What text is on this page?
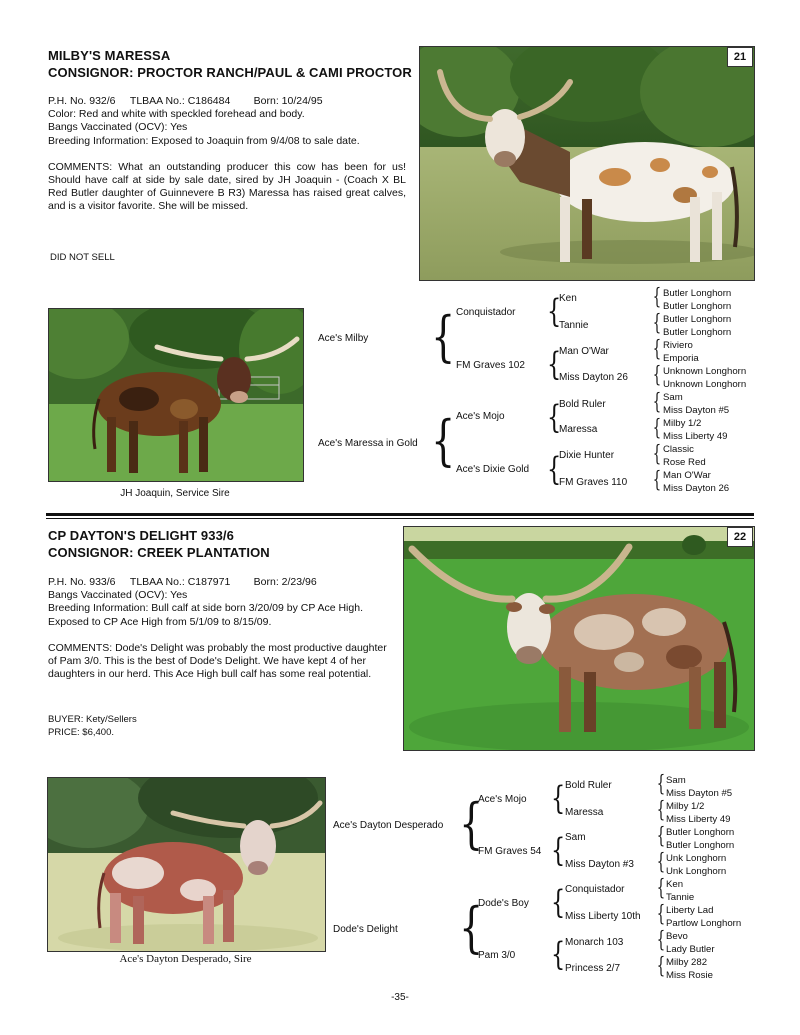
MILBY'S MARESSA
CONSIGNOR: PROCTOR RANCH/PAUL & CAMI PROCTOR

P.H. No. 932/6     TLBAA No.: C186484        Born: 10/24/95

Color: Red and white with speckled forehead and body.

Bangs Vaccinated (OCV): Yes

Breeding Information: Exposed to Joaquin from 9/4/08 to sale date.

COMMENTS: What an outstanding producer this cow has been for us! Should have calf at side by sale date, sired by JH Joaquin - (Coach X BL Red Butler daughter of Guinnevere B R3) Maressa has raised great calves, and is a visitor favorite. She will be missed.

DID NOT SELL
21
JH Joaquin, Service Sire
Ace's Milby
Ace's Maressa in Gold
{
{
Conquistador
FM Graves 102
Ace's Mojo
Ace's Dixie Gold
{
{
{
{
Ken
Tannie
Man O'War
Miss Dayton 26
Bold Ruler
Maressa
Dixie Hunter
FM Graves 110
{
{
{
{
{
{
{
{
Butler Longhorn
Butler Longhorn
Butler Longhorn
Butler Longhorn
Riviero
Emporia
Unknown Longhorn
Unknown Longhorn
Sam
Miss Dayton #5
Milby 1/2
Miss Liberty 49
Classic
Rose Red
Man O'War
Miss Dayton 26
CP DAYTON'S DELIGHT 933/6
CONSIGNOR: CREEK PLANTATION

P.H. No. 933/6     TLBAA No.: C187971        Born: 2/23/96

Bangs Vaccinated (OCV): Yes

Breeding Information: Bull calf at side born 3/20/09 by CP Ace High. Exposed to CP Ace High from 5/1/09 to 8/15/09.

COMMENTS: Dode's Delight was probably the most productive daughter of Pam 3/0. This is the best of Dode's Delight. We have kept 4 of her daughters in our herd. This Ace High bull calf has some real potential.

BUYER: Kety/Sellers
PRICE: $6,400.
22
Ace's Dayton Desperado, Sire
Ace's Dayton Desperado
Dode's Delight
{
{
Ace's Mojo
FM Graves 54
Dode's Boy
Pam 3/0
{
{
{
{
Bold Ruler
Maressa
Sam
Miss Dayton #3
Conquistador
Miss Liberty 10th
Monarch 103
Princess 2/7
{
{
{
{
{
{
{
{
Sam
Miss Dayton #5
Milby 1/2
Miss Liberty 49
Butler Longhorn
Butler Longhorn
Unk Longhorn
Unk Longhorn
Ken
Tannie
Liberty Lad
Partlow Longhorn
Bevo
Lady Butler
Milby 282
Miss Rosie
-35-
